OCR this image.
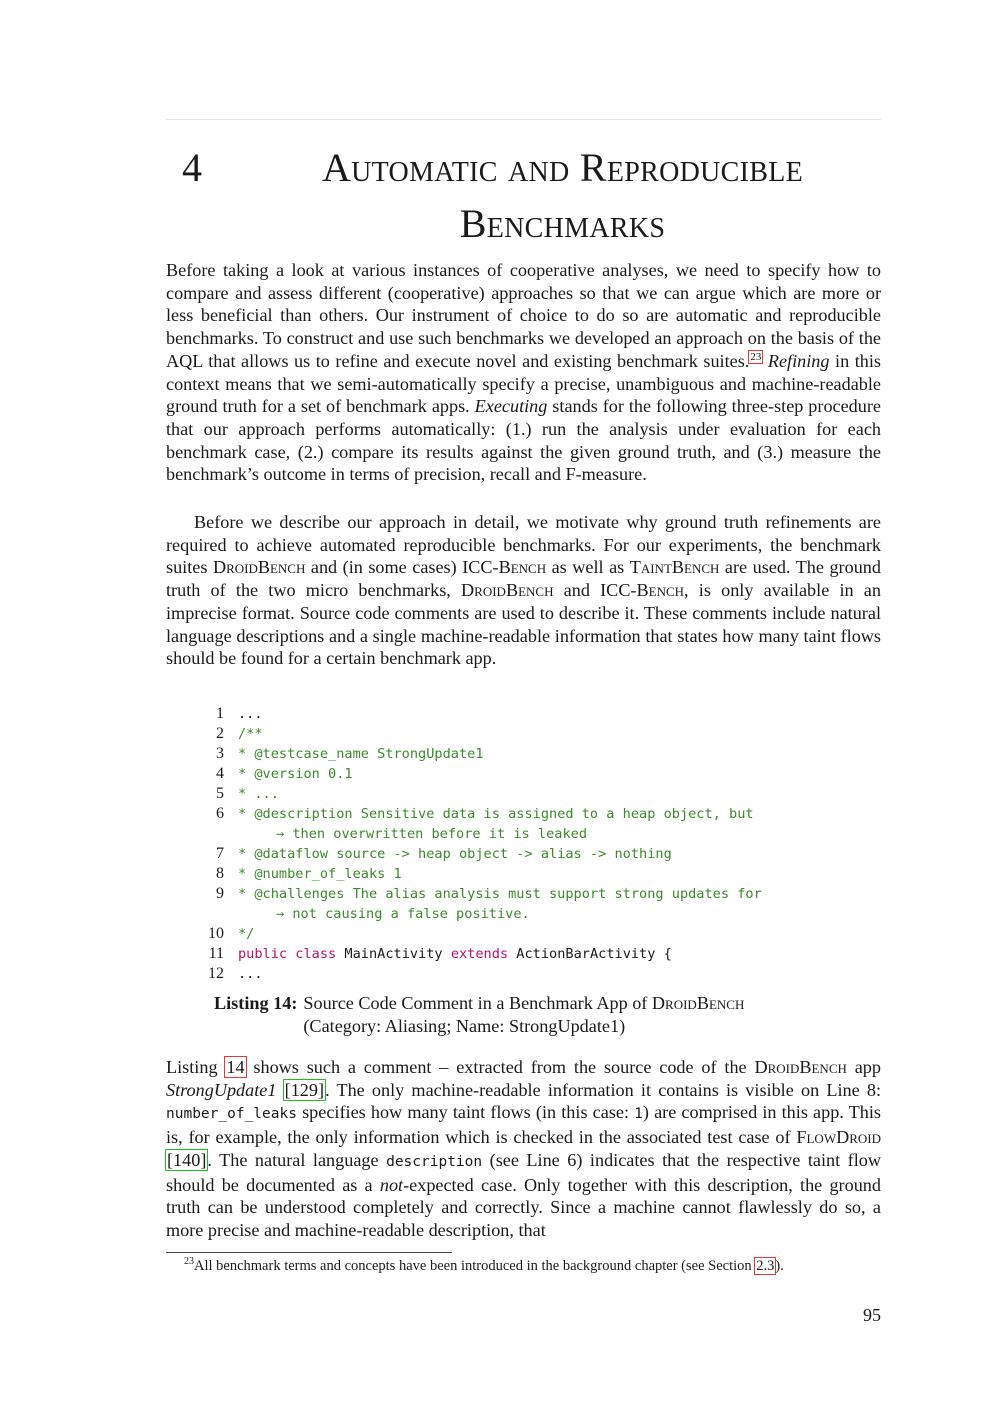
4	Automatic and Reproducible Benchmarks
Before taking a look at various instances of cooperative analyses, we need to specify how to compare and assess different (cooperative) approaches so that we can argue which are more or less beneficial than others. Our instrument of choice to do so are automatic and reproducible benchmarks. To construct and use such benchmarks we developed an approach on the basis of the AQL that allows us to refine and execute novel and existing benchmark suites.$^{23}$ Refining in this context means that we semi-automatically specify a precise, unambiguous and machine-readable ground truth for a set of benchmark apps. Executing stands for the following three-step procedure that our approach performs automatically: (1.) run the analysis under evaluation for each benchmark case, (2.) compare its results against the given ground truth, and (3.) measure the benchmark’s outcome in terms of precision, recall and F-measure.
Before we describe our approach in detail, we motivate why ground truth refinements are required to achieve automated reproducible benchmarks. For our experiments, the benchmark suites DroidBench and (in some cases) ICC-Bench as well as TaintBench are used. The ground truth of the two micro benchmarks, DroidBench and ICC-Bench, is only available in an imprecise format. Source code comments are used to describe it. These comments include natural language descriptions and a single machine-readable information that states how many taint flows should be found for a certain benchmark app.
1	...
2	/**
3	* @testcase_name StrongUpdate1
4	* @version 0.1
5	* ...
6	* @description Sensitive data is assigned to a heap object, but
→ then overwritten before it is leaked
7	* @dataflow source -> heap object -> alias -> nothing
8	* @number_of_leaks 1
9	* @challenges The alias analysis must support strong updates for
→ not causing a false positive.
10	*/
11	public class MainActivity extends ActionBarActivity {
12	...
Listing 14: Source Code Comment in a Benchmark App of DroidBench
(Category: Aliasing; Name: StrongUpdate1)
Listing 14 shows such a comment – extracted from the source code of the DroidBench app StrongUpdate1 [129]. The only machine-readable information it contains is visible on Line 8: number_of_leaks specifies how many taint flows (in this case: 1) are comprised in this app. This is, for example, the only information which is checked in the associated test case of FlowDroid [140]. The natural language description (see Line 6) indicates that the respective taint flow should be documented as a not-expected case. Only together with this description, the ground truth can be understood completely and correctly. Since a machine cannot flawlessly do so, a more precise and machine-readable description, that
$^{23}$All benchmark terms and concepts have been introduced in the background chapter (see Section 2.3).
95
